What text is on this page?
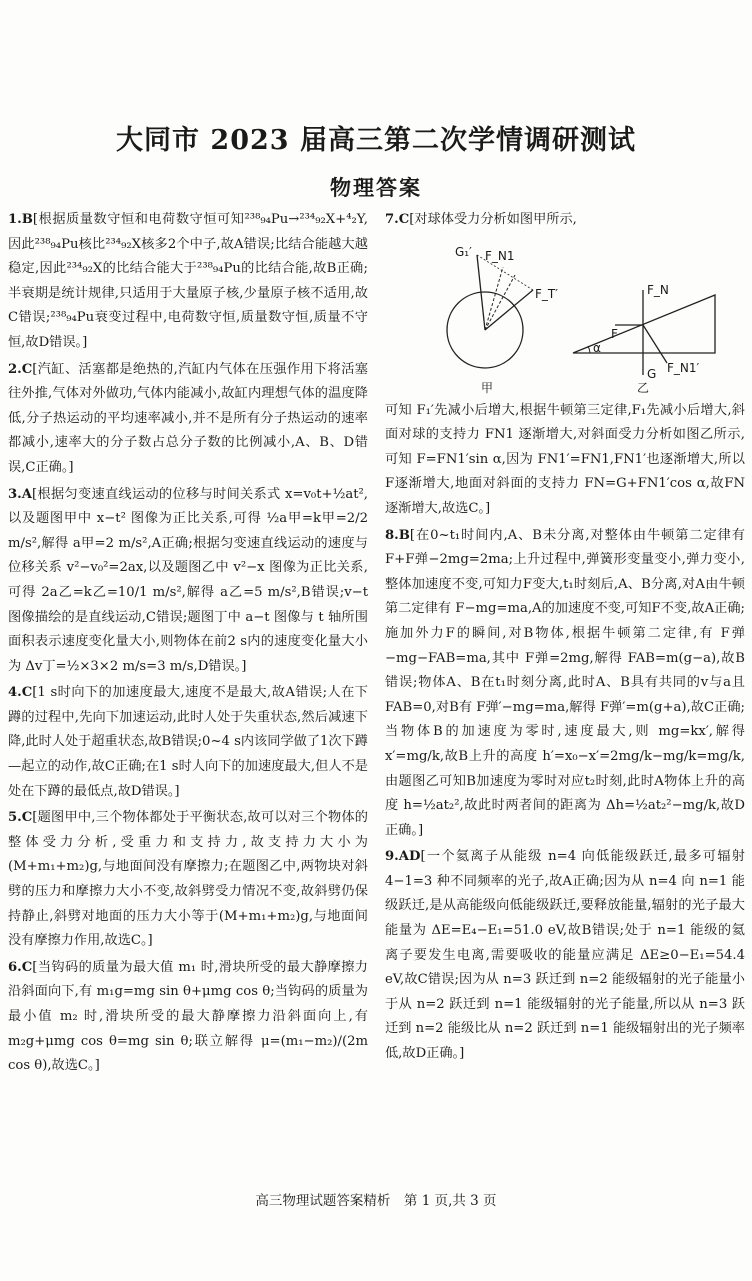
大同市 2023 届高三第二次学情调研测试
物理答案

1.B[根据质量数守恒和电荷数守恒可知²³⁸₉₄Pu→²³⁴₉₂X+⁴₂Y,因此²³⁸₉₄Pu核比²³⁴₉₂X核多2个中子,故A错误;比结合能越大越稳定,因此²³⁴₉₂X的比结合能大于²³⁸₉₄Pu的比结合能,故B正确;半衰期是统计规律,只适用于大量原子核,少量原子核不适用,故C错误;²³⁸₉₄Pu衰变过程中,电荷数守恒,质量数守恒,质量不守恒,故D错误。]

2.C[汽缸、活塞都是绝热的,汽缸内气体在压强作用下将活塞往外推,气体对外做功,气体内能减小,故缸内理想气体的温度降低,分子热运动的平均速率减小,并不是所有分子热运动的速率都减小,速率大的分子数占总分子数的比例减小,A、B、D错误,C正确。]

3.A[根据匀变速直线运动的位移与时间关系式 x=v₀t+½at²,以及题图甲中 x−t² 图像为正比关系,可得 ½a甲=k甲=2/2 m/s²,解得 a甲=2 m/s²,A正确;根据匀变速直线运动的速度与位移关系 v²−v₀²=2ax,以及题图乙中 v²−x 图像为正比关系,可得 2a乙=k乙=10/1 m/s²,解得 a乙=5 m/s²,B错误;v−t 图像描绘的是直线运动,C错误;题图丁中 a−t 图像与 t 轴所围面积表示速度变化量大小,则物体在前2 s内的速度变化量大小为 Δv丁=½×3×2 m/s=3 m/s,D错误。]

4.C[1 s时向下的加速度最大,速度不是最大,故A错误;人在下蹲的过程中,先向下加速运动,此时人处于失重状态,然后减速下降,此时人处于超重状态,故B错误;0~4 s内该同学做了1次下蹲—起立的动作,故C正确;在1 s时人向下的加速度最大,但人不是处在下蹲的最低点,故D错误。]

5.C[题图甲中,三个物体都处于平衡状态,故可以对三个物体的整体受力分析,受重力和支持力,故支持力大小为(M+m₁+m₂)g,与地面间没有摩擦力;在题图乙中,两物块对斜劈的压力和摩擦力大小不变,故斜劈受力情况不变,故斜劈仍保持静止,斜劈对地面的压力大小等于(M+m₁+m₂)g,与地面间没有摩擦力作用,故选C。]

6.C[当钩码的质量为最大值 m₁ 时,滑块所受的最大静摩擦力沿斜面向下,有 m₁g=mg sin θ+μmg cos θ;当钩码的质量为最小值 m₂ 时,滑块所受的最大静摩擦力沿斜面向上,有 m₂g+μmg cos θ=mg sin θ;联立解得 μ=(m₁−m₂)/(2m cos θ),故选C。]

7.C[对球体受力分析如图甲所示,

G₁′ F_N1
F_T′	F_N
F
α
G F_N1′
甲	乙

可知 F₁′先减小后增大,根据牛顿第三定律,F₁先减小后增大,斜面对球的支持力 FN1 逐渐增大,对斜面受力分析如图乙所示,可知 F=FN1′sin α,因为 FN1′=FN1,FN1′也逐渐增大,所以F逐渐增大,地面对斜面的支持力 FN=G+FN1′cos α,故FN逐渐增大,故选C。]

8.B[在0~t₁时间内,A、B未分离,对整体由牛顿第二定律有 F+F弹−2mg=2ma;上升过程中,弹簧形变量变小,弹力变小,整体加速度不变,可知力F变大,t₁时刻后,A、B分离,对A由牛顿第二定律有 F−mg=ma,A的加速度不变,可知F不变,故A正确;施加外力F的瞬间,对B物体,根据牛顿第二定律,有 F弹−mg−FAB=ma,其中 F弹=2mg,解得 FAB=m(g−a),故B错误;物体A、B在t₁时刻分离,此时A、B具有共同的v与a且 FAB=0,对B有 F弹′−mg=ma,解得 F弹′=m(g+a),故C正确;当物体B的加速度为零时,速度最大,则 mg=kx′,解得 x′=mg/k,故B上升的高度 h′=x₀−x′=2mg/k−mg/k=mg/k,由题图乙可知B加速度为零时对应t₂时刻,此时A物体上升的高度 h=½at₂²,故此时两者间的距离为 Δh=½at₂²−mg/k,故D正确。]

9.AD[一个氦离子从能级 n=4 向低能级跃迁,最多可辐射 4−1=3 种不同频率的光子,故A正确;因为从 n=4 向 n=1 能级跃迁,是从高能级向低能级跃迁,要释放能量,辐射的光子最大能量为 ΔE=E₄−E₁=51.0 eV,故B错误;处于 n=1 能级的氦离子要发生电离,需要吸收的能量应满足 ΔE≥0−E₁=54.4 eV,故C错误;因为从 n=3 跃迁到 n=2 能级辐射的光子能量小于从 n=2 跃迁到 n=1 能级辐射的光子能量,所以从 n=3 跃迁到 n=2 能级比从 n=2 跃迁到 n=1 能级辐射出的光子频率低,故D正确。]

高三物理试题答案精析　第 1 页,共 3 页
